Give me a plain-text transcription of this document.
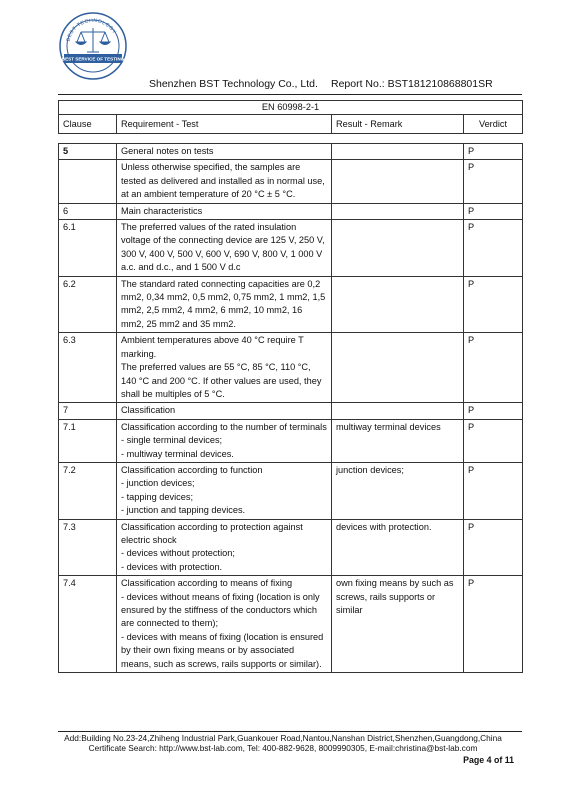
BEST TECHNOLOGY
BEST SERVICE OF TESTING
Shenzhen BST Technology Co., Ltd. Report No.: BST181210868801SR
EN 60998-2-1
Clause	Requirement - Test	Result - Remark	Verdict
5	General notes on tests		P

	Unless otherwise specified, the samples are tested as delivered and installed as in normal use, at an ambient temperature of 20 °C ± 5 °C.		P
6	Main characteristics		P
6.1	The preferred values of the rated insulation voltage of the connecting device are 125 V, 250 V, 300 V, 400 V, 500 V, 600 V, 690 V, 800 V, 1 000 V a.c. and d.c., and 1 500 V d.c		P
6.2	The standard rated connecting capacities are 0,2 mm2, 0,34 mm2, 0,5 mm2, 0,75 mm2, 1 mm2, 1,5 mm2, 2,5 mm2, 4 mm2, 6 mm2, 10 mm2, 16 mm2, 25 mm2 and 35 mm2.		P
6.3	Ambient temperatures above 40 °C require T marking.
The preferred values are 55 °C, 85 °C, 110 °C, 140 °C and 200 °C. If other values are used, they shall be multiples of 5 °C.		P
7	Classification		P
7.1	Classification according to the number of terminals
- single terminal devices;
- multiway terminal devices.	multiway terminal devices	P
7.2	Classification according to function
- junction devices;
- tapping devices;
- junction and tapping devices.	junction devices;	P
7.3	Classification according to protection against electric shock
- devices without protection;
- devices with protection.	devices with protection.	P
7.4	Classification according to means of fixing
- devices without means of fixing (location is only ensured by the stiffness of the conductors which are connected to them);
- devices with means of fixing (location is ensured by their own fixing means or by associated
means, such as screws, rails supports or similar).	own fixing means by such as screws, rails supports or similar	P
Add:Building No.23-24,Zhiheng Industrial Park,Guankouer Road,Nantou,Nanshan District,Shenzhen,Guangdong,China
Certificate Search: http://www.bst-lab.com, Tel: 400-882-9628, 8009990305, E-mail:christina@bst-lab.com
Page 4 of 11
